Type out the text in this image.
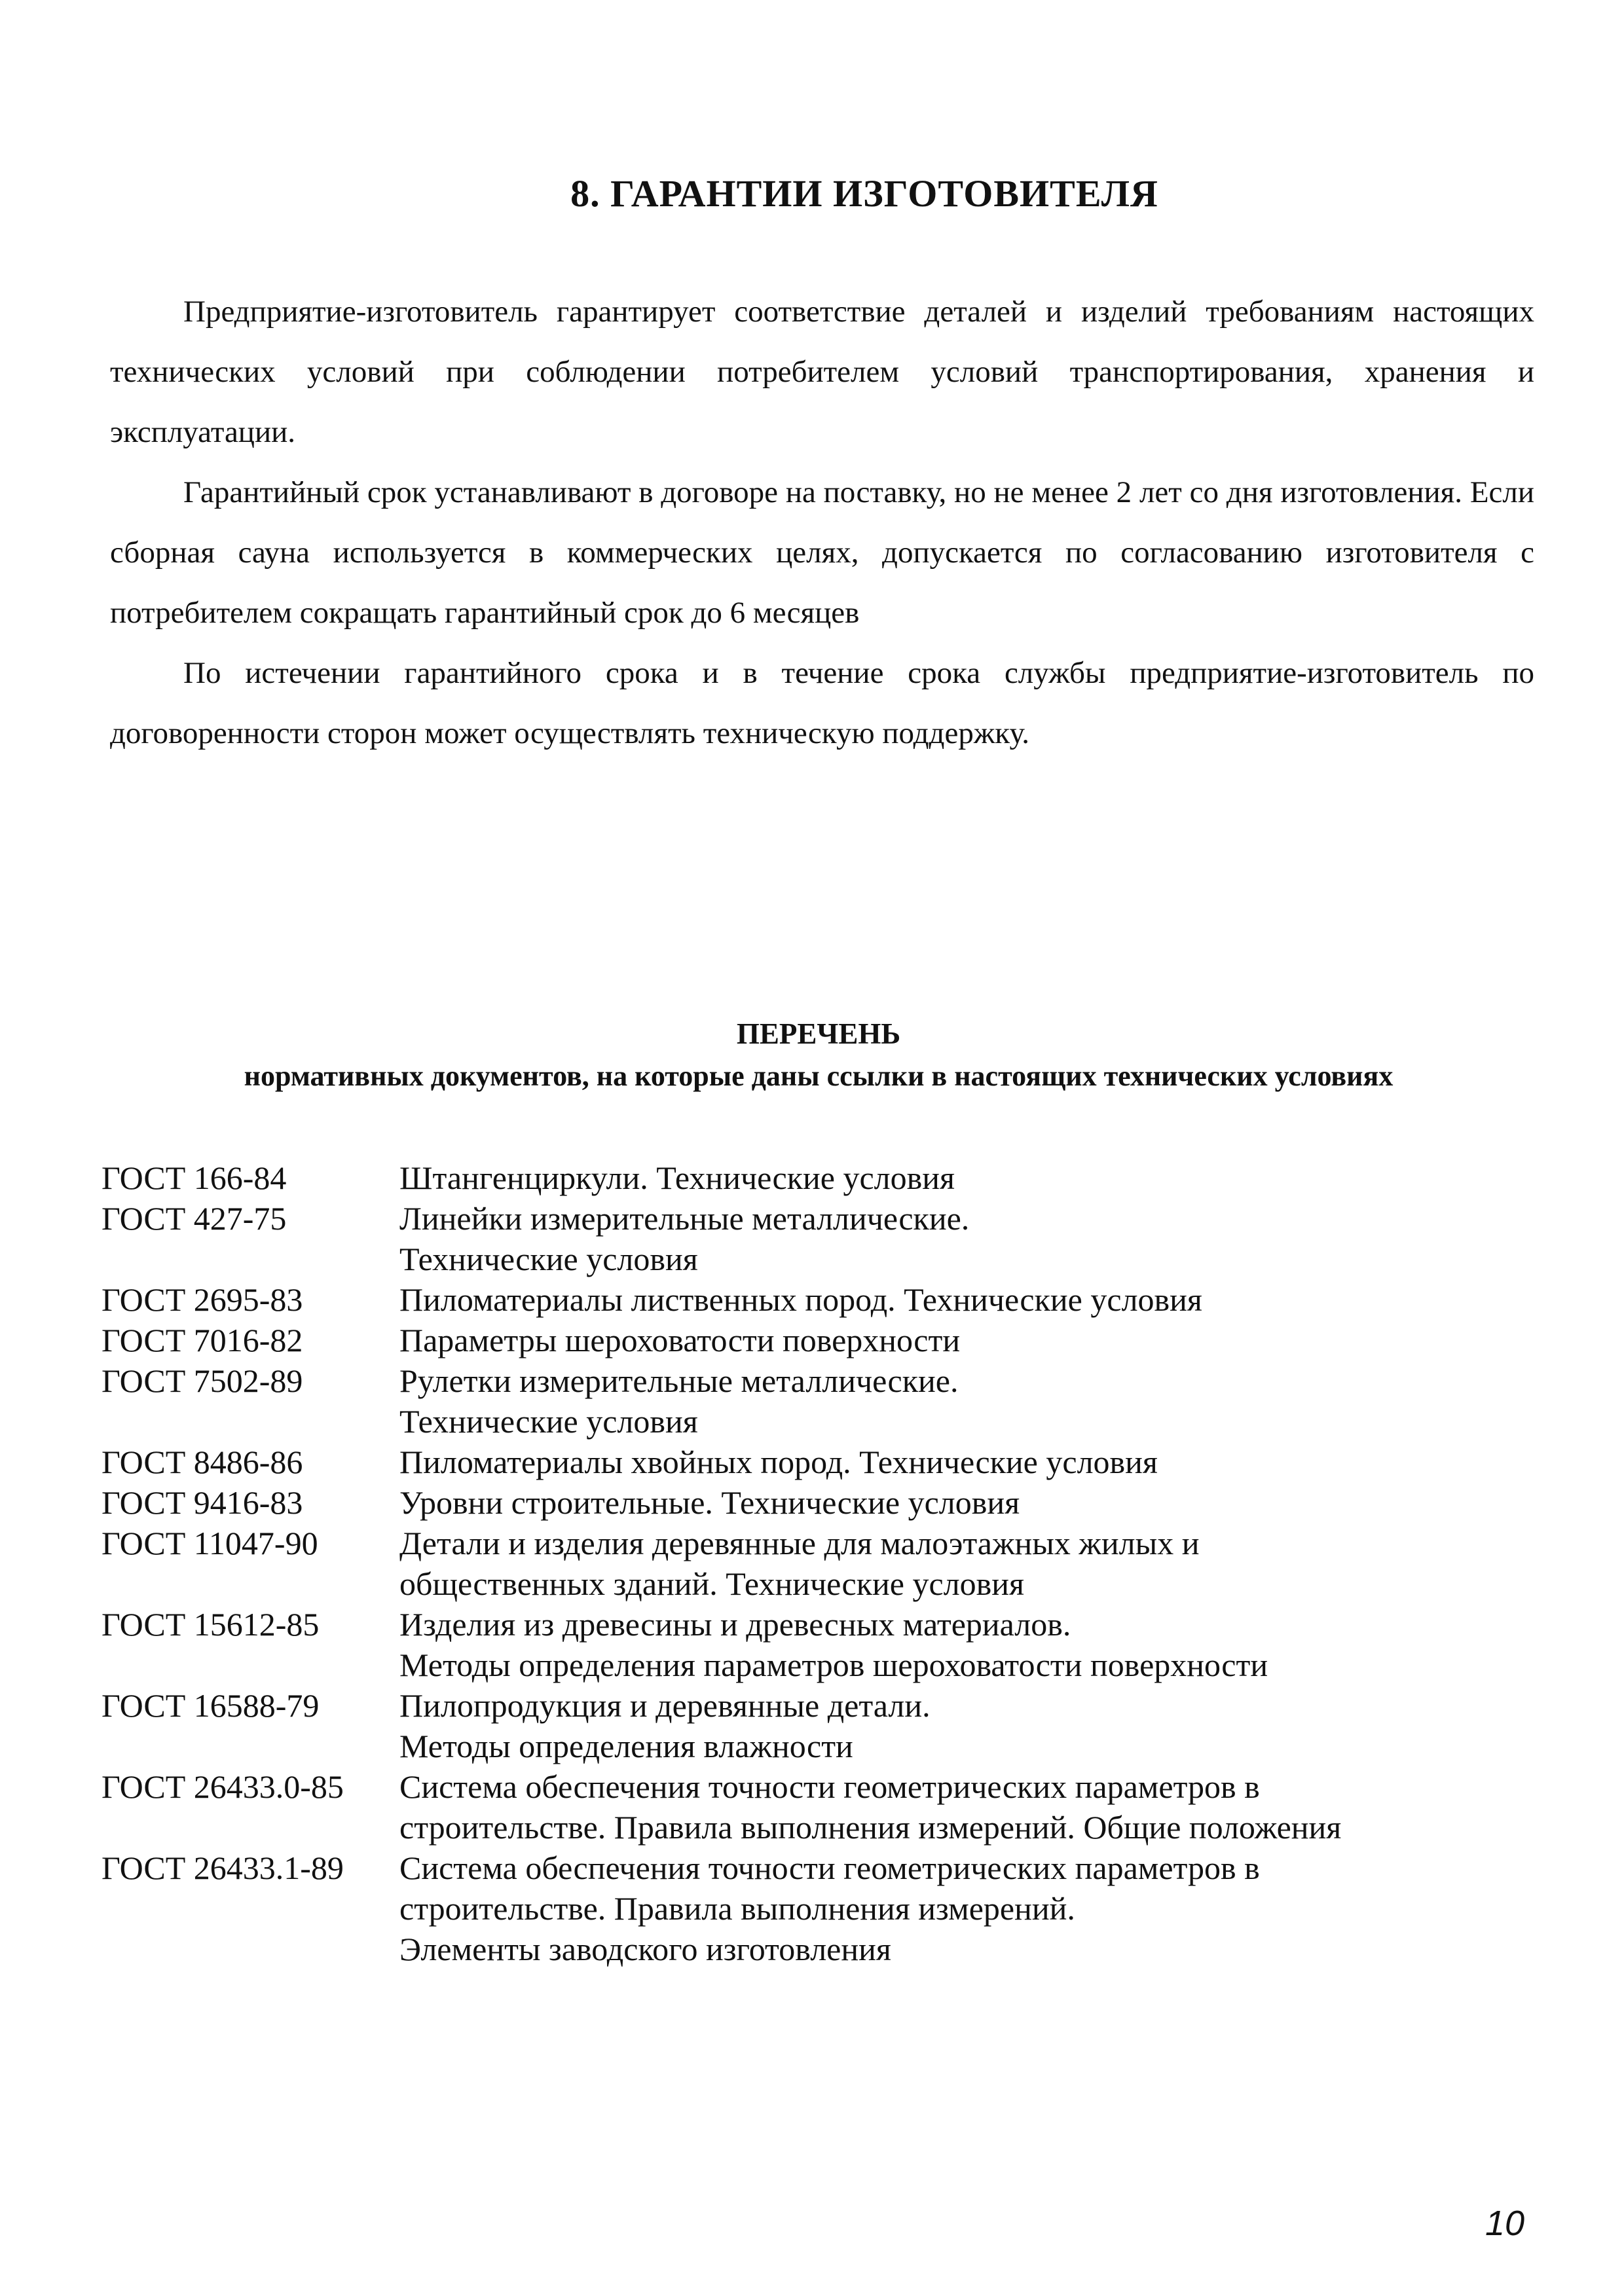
8. ГАРАНТИИ ИЗГОТОВИТЕЛЯ

Предприятие-изготовитель гарантирует соответствие деталей и изделий требованиям настоящих технических условий при соблюдении потребителем условий транспортирования, хранения и эксплуатации.

Гарантийный срок устанавливают в договоре на поставку, но не менее 2 лет со дня изготовления. Если сборная сауна используется в коммерческих целях, допускается по согласованию изготовителя с потребителем сокращать гарантийный срок до 6 месяцев

По истечении гарантийного срока и в течение срока службы предприятие-изготовитель по договоренности сторон может осуществлять техническую поддержку.

ПЕРЕЧЕНЬ
нормативных документов, на которые даны ссылки в настоящих технических условиях
ГОСТ 166-84	Штангенциркули. Технические условия
ГОСТ 427-75	Линейки измерительные металлические.
Технические условия
ГОСТ 2695-83	Пиломатериалы лиственных пород. Технические условия
ГОСТ 7016-82	Параметры шероховатости поверхности
ГОСТ 7502-89	Рулетки измерительные металлические.
Технические условия
ГОСТ 8486-86	Пиломатериалы хвойных пород. Технические условия
ГОСТ 9416-83	Уровни строительные. Технические условия
ГОСТ 11047-90	Детали и изделия деревянные для малоэтажных жилых и
общественных зданий. Технические условия
ГОСТ 15612-85	Изделия из древесины и древесных материалов.
Методы определения параметров шероховатости поверхности
ГОСТ 16588-79	Пилопродукция и деревянные детали.
Методы определения влажности
ГОСТ 26433.0-85	Система обеспечения точности геометрических параметров в
строительстве. Правила выполнения измерений. Общие положения
ГОСТ 26433.1-89	Система обеспечения точности геометрических параметров в
строительстве. Правила выполнения измерений.
Элементы заводского изготовления
10
